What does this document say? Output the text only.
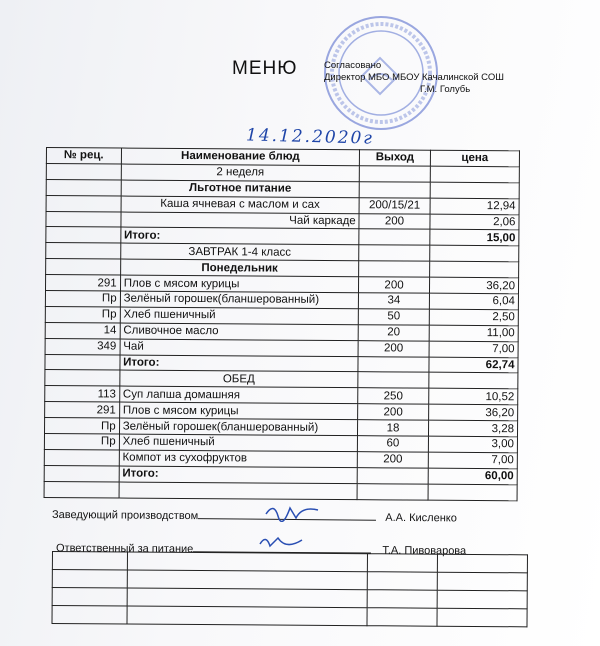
МЕНЮ	Согласовано
Директор МБО МБОУ Качалинской СОШ
Г.М. Голубь
14.12.2020г
№ рец.	Наименование блюд	Выход	цена
	2 неделя		
	Льготное питание		
	Каша ячневая с маслом и сах	200/15/21	12,94
	Чай каркаде	200	2,06
	Итого:		15,00
	ЗАВТРАК 1-4 класс		
	Понедельник		
291	Плов с мясом курицы	200	36,20
Пр	Зелёный горошек(бланшерованный)	34	6,04
Пр	Хлеб пшеничный	50	2,50
14	Сливочное масло	20	11,00
349	Чай	200	7,00
	Итого:		62,74
	ОБЕД		
113	Суп лапша домашняя	250	10,52
291	Плов с мясом курицы	200	36,20
Пр	Зелёный горошек(бланшерованный)	18	3,28
Пр	Хлеб пшеничный	60	3,00
	Компот из сухофруктов	200	7,00
	Итого:		60,00

Заведующий производством	А.А. Кисленко
Ответственный за питание	Т.А. Пивоварова
